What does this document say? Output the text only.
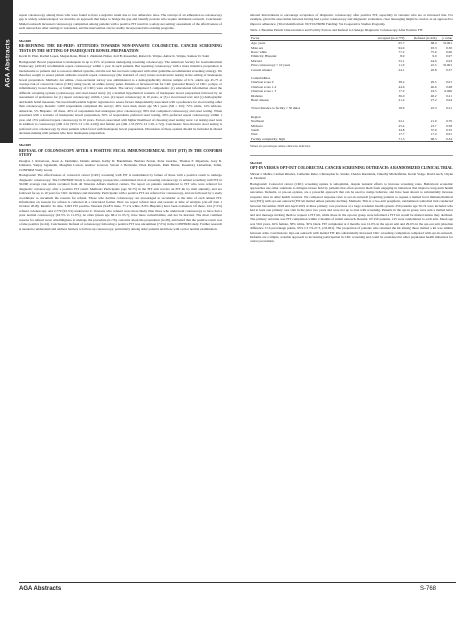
AGA Abstracts

repeat colonoscopy among those who were found to have a negative result due to low adherence rates. The concept of an adherence-to-colonoscopy gap is widely acknowledged; we describe an approach that helps to bridge the gap and identify persons who require additional outreach. Conclusion: Mailed outreach increased colonoscopy completion among patients with a positive FIT result in a safety-net setting; assessment of the effectiveness of such outreach in other settings is warranted, and the intervention can be readily incorporated into existing programs.

Mo1608
RE-DEFINING THE RE-PREP: ATTITUDES TOWARDS NON-INVASIVE COLORECTAL CANCER SCREENING TESTS IN THE SETTING OF INADEQUATE BOWEL PREPARATION
Kevin D. Platt, Rachel Lopez, Megan Rana, Brian J. Zikmund-Fisher, Jodi B. Rosenthal, Robert K. Waljee, Akbar K. Waljee, Sameer D. Saini

Background: Bowel preparation is inadequate in up to 25% of patients undergoing screening colonoscopy. The American Society for Gastrointestinal Endoscopy (ASGE) recommends repeat colonoscopy within 1 year in such patients. But repeating colonoscopy with a more intensive preparation is burdensome to patients and to resource-limited systems, and the test has not been compared with other guideline-recommended screening strategy. We therefore sought to assess patient attitudes towards repeat colonoscopy (the standard of care) versus non-invasive testing in the setting of inadequate bowel preparation. Methods: An online, cross-sectional survey was administered to a demographically diverse sample of U.S. adults age 45-75 at average risk of colorectal cancer (CRC) using Lucid, an online survey panel. Patients at increased risk for CRC (personal history of CRC, polyps, or inflammatory bowel disease, or family history of CRC) were excluded. The survey comprised 3 components: (1) educational information about the different screening options (colonoscopy and stool-based tests); (b) a detailed hypothetical scenario of inadequate bowel preparation followed by an assessment of preference for (1) repeat colonoscopy within 1 year, (2) repeat colonoscopy in 10 years, or (3) a stool-based test; and (c) demographic and health belief measures. We used multivariable logistic regression to assess factors independently associated with a preference for stool testing other than colonoscopy. Results: 1,000 respondents completed the survey; 46% were men; mean age 58.1 years (SD = 9.0); 72% white, 14% African-American, 5% Hispanic. Of these, 40% of respondents had undergone prior colonoscopy; 86% had completed colonoscopy and stool testing. When presented with a scenario of inadequate bowel preparation, 56% of respondents preferred stool testing, 29% preferred repeat colonoscopy within 1 year, and 15% preferred repeat colonoscopy in 10 years. Factors associated with higher likelihood of choosing stool testing were: 1st testing stool tests in addition to colonoscopy (OR 2.01 [95% CI 1.56–2.60]) and female sex (OR 1.33 [95% CI 1.02–1.72]). Conclusion: Non-invasive stool testing is preferred over colonoscopy by most patients when faced with inadequate bowel preparation. Discussion of these options should be included in shared decision-making with patients who have inadequate preparation.

Mo1609
REFUSAL OF COLONOSCOPY AFTER A POSITIVE FECAL IMMUNOCHEMICAL TEST (FIT) IN THE CONFIRM STUDY
Douglas J. Robertson, Jason A. Dominitz, Dennis Ahnen, Kathy D. Bandelman, Barbara Ferran, Peter Guarino, Thomas F. Imperiale, Gary R. Johnston, Sanjay Jagannath, Meaghan Larson, Andrew Gawron, Steven J. Bernstein, Ellen Reynolds, Ruth Baxter, Rosemary Lieberman, Tobin, CONFIRM Study Group

Background: The effectiveness of colorectal cancer (CRC) screening with FIT is undermined by failure of those with a positive result to undergo diagnostic colonoscopy. The CONFIRM Study is an ongoing, prospective, randomized trial of screening colonoscopy vs annual screening with FIT in 50,000 average risk adults recruited from 46 Veterans Affairs medical centers. We report on patients randomized to FIT who were referred for diagnostic colonoscopy after a positive FIT result. Methods: Participants (age 50-75) in the FIT arm receive an FIT kit by mail annually, and are followed for up to 10 years for CRC incidence and mortality. Participants with a positive FIT are referred for colonoscopy, and are followed by a study coordinator to document the reasons for refusal. Those who decline colonoscopy are encouraged to reconsider at the time of each annual FIT. Information on reasons for refusal is collected in a structured format. Here we report refusal rates and reasons at time of analysis (cut-off date 1 October 2018). Results: To date, 3,003 FIT positive Veterans (94.8% male, 77.1% white, 8.9% Hispanic) have been evaluated. Of these, 224 (7.5%) refused colonoscopy and 2,779 (92.5%) underwent it. Veterans who refused were more likely than those who underwent colonoscopy to have had a prior normal colonoscopy (22.5% vs 11.0%), be older (mean age 68.4 vs 65.7), have more comorbidities, and not be married. The most common reasons for refusal were: unwillingness to undergo the procedure (n=76), concerns about the preparation (n=28), and belief that the positive result was a false positive (n=24). Conclusions: Refusal of colonoscopy following a positive FIT was uncommon (7.5%) in the CONFIRM study. Further research is needed to understand and address barriers to follow-up colonoscopy, particularly among older patients and those with a prior normal examination.

tailored interventions to encourage acceptance of diagnostic colonoscopy after positive FIT, especially in veterans who are at increased risk. For example, given the association between having had a prior colonoscopy and diagnostic evaluation, clear messaging might be crucial, as an approach to improve adherence. (Trial identification: NCT01239082 Funding: VA Cooperative Studies Program).

Table 1. Baseline Patient Characteristics and Facility Factors and Refusal to Undergo Diagnostic Colonoscopy After Positive FIT
Factor	Accepted (n=2,779)	Refused (n=224)	p value
Age, years	65.7	68.4	<0.001
Male sex	94.9	93.3	0.30
Race: white	77.2	75.9	0.66
Ethnicity: Hispanic	8.9	9.0	0.97
Married	52.1	44.6	0.03
Prior colonoscopy > 10 years	11.0	22.5	<0.001
Current smoker	24.1	26.8	0.37

Comorbidities			
Charlson score 0	38.2	29.5	0.01
Charlson score 1-2	44.6	46.0	0.68
Charlson score ≥ 3	17.2	24.5	0.006
Diabetes	36.0	40.2	0.21
Heart disease	21.4	27.2	0.04

Travel distance to facility > 50 miles	18.9	22.3	0.21

Region			
Northeast	22.1	21.0	0.70
Midwest	25.4	23.7	0.58
South	34.8	37.9	0.35
West	17.7	17.4	0.91
Facility complexity: high	71.3	68.3	0.34
Values are percentages unless otherwise indicated.
Mo1610
OPT-IN VERSUS OPT-OUT COLORECTAL CANCER SCREENING OUTREACH: A RANDOMIZED CLINICAL TRIAL
Shivan J. Mehta, Carmen Rhodes, Catherine Reitz, Christopher K. Snider, Charles Rareshide, Timothy Michelfelder, Kevin Volpp, David Asch, Chyke A. Doubeni

Background: Colorectal cancer (CRC) screening uptake is suboptimal, despite national efforts to increase screening rates. Behavioral economic approaches use other solutions to mitigate biases held by patients that often prevent them from engaging in behaviors that improve long-term health outcomes. Defaults, or pre-set options, are a powerful approach that can be used to nudge behavior, and have been shown to substantially increase response rates in other health contexts. We compared response rates to opt-in outreach (requiring patients to request a mailed fecal immunochemical test (FIT)) with opt-out outreach (FIT kit mailed unless patients decline). Methods: This is a two-arm pragmatic, randomized controlled trial conducted between November 2018 and April 2019 at three primary care practices at a large academic health system. 250 patients age 50-74 were included who had at least one primary care visit in the prior two years and were not up to date with screening. Patients in the opt-in group were sent a mailed letter and text message inviting them to request a FIT kit, while those in the opt-out group were informed a FIT kit would be mailed unless they declined. The primary outcome was FIT completion within 2 months of initial outreach. Results: Of 250 patients, 125 were randomized to each arm. Mean age was 59.6 years, 62% female, 58% white, 30% black. FIT completion at 2 months was 12.0% in the opt-in arm and 29.6% in the opt-out arm (absolute difference 17.6 percentage points, 95% CI 7.9-27.3, p<0.001). The proportion of patients who returned the kit among those mailed a kit was similar between arms. Conclusions: Opt-out outreach with mailed FIT kits substantially increased CRC screening completion compared with opt-in outreach. Defaults are a simple, scalable approach to increasing participation in CRC screening and could be considered in other population health initiatives for cancer prevention.

AGA Abstracts	S-768
